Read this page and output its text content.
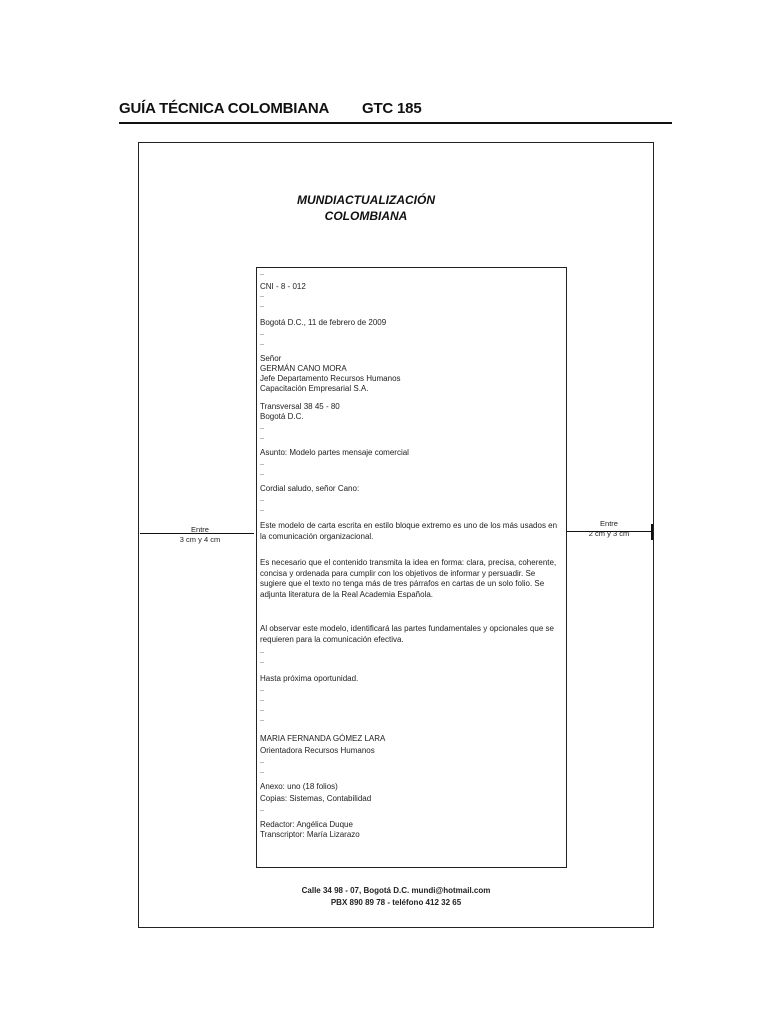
GUÍA TÉCNICA COLOMBIANA GTC 185
MUNDIACTUALIZACIÓN
COLOMBIANA
CNI - 8 - 012
Bogotá D.C., 11 de febrero de 2009
Señor
GERMÁN CANO MORA
Jefe Departamento Recursos Humanos
Capacitación Empresarial S.A.
Transversal 38 45 - 80
Bogotá D.C.
Asunto: Modelo partes mensaje comercial
Cordial saludo, señor Cano:
Este modelo de carta escrita en estilo bloque extremo es uno de los más usados en la comunicación organizacional.
Es necesario que el contenido transmita la idea en forma: clara, precisa, coherente, concisa y ordenada para cumplir con los objetivos de informar y persuadir. Se sugiere que el texto no tenga más de tres párrafos en cartas de un solo folio. Se adjunta literatura de la Real Academia Española.
Al observar este modelo, identificará las partes fundamentales y opcionales que se requieren para la comunicación efectiva.
Hasta próxima oportunidad.
MARIA FERNANDA GÓMEZ LARA
Orientadora Recursos Humanos
Anexo: uno (18 folios)
Copias: Sistemas, Contabilidad
Redactor: Angélica Duque
Transcriptor: María Lizarazo
Calle 34 98 - 07, Bogotá D.C. mundi@hotmail.com
PBX 890 89 78 - teléfono 412 32 65
Entre
3 cm y 4 cm
Entre
2 cm y 3 cm
